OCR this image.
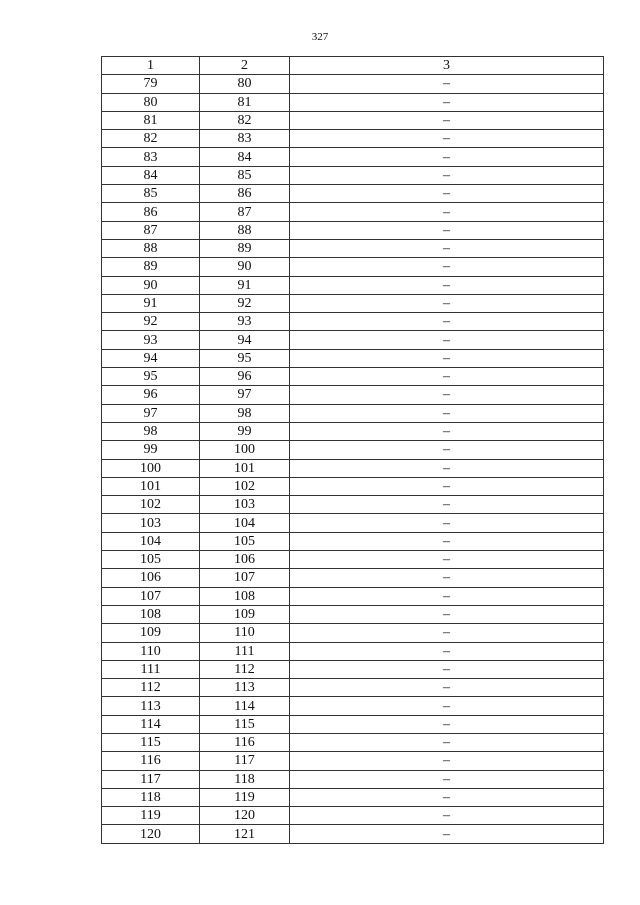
327
1	2	3
79	80	–
80	81	–
81	82	–
82	83	–
83	84	–
84	85	–
85	86	–
86	87	–
87	88	–
88	89	–
89	90	–
90	91	–
91	92	–
92	93	–
93	94	–
94	95	–
95	96	–
96	97	–
97	98	–
98	99	–
99	100	–
100	101	–
101	102	–
102	103	–
103	104	–
104	105	–
105	106	–
106	107	–
107	108	–
108	109	–
109	110	–
110	111	–
111	112	–
112	113	–
113	114	–
114	115	–
115	116	–
116	117	–
117	118	–
118	119	–
119	120	–
120	121	–
